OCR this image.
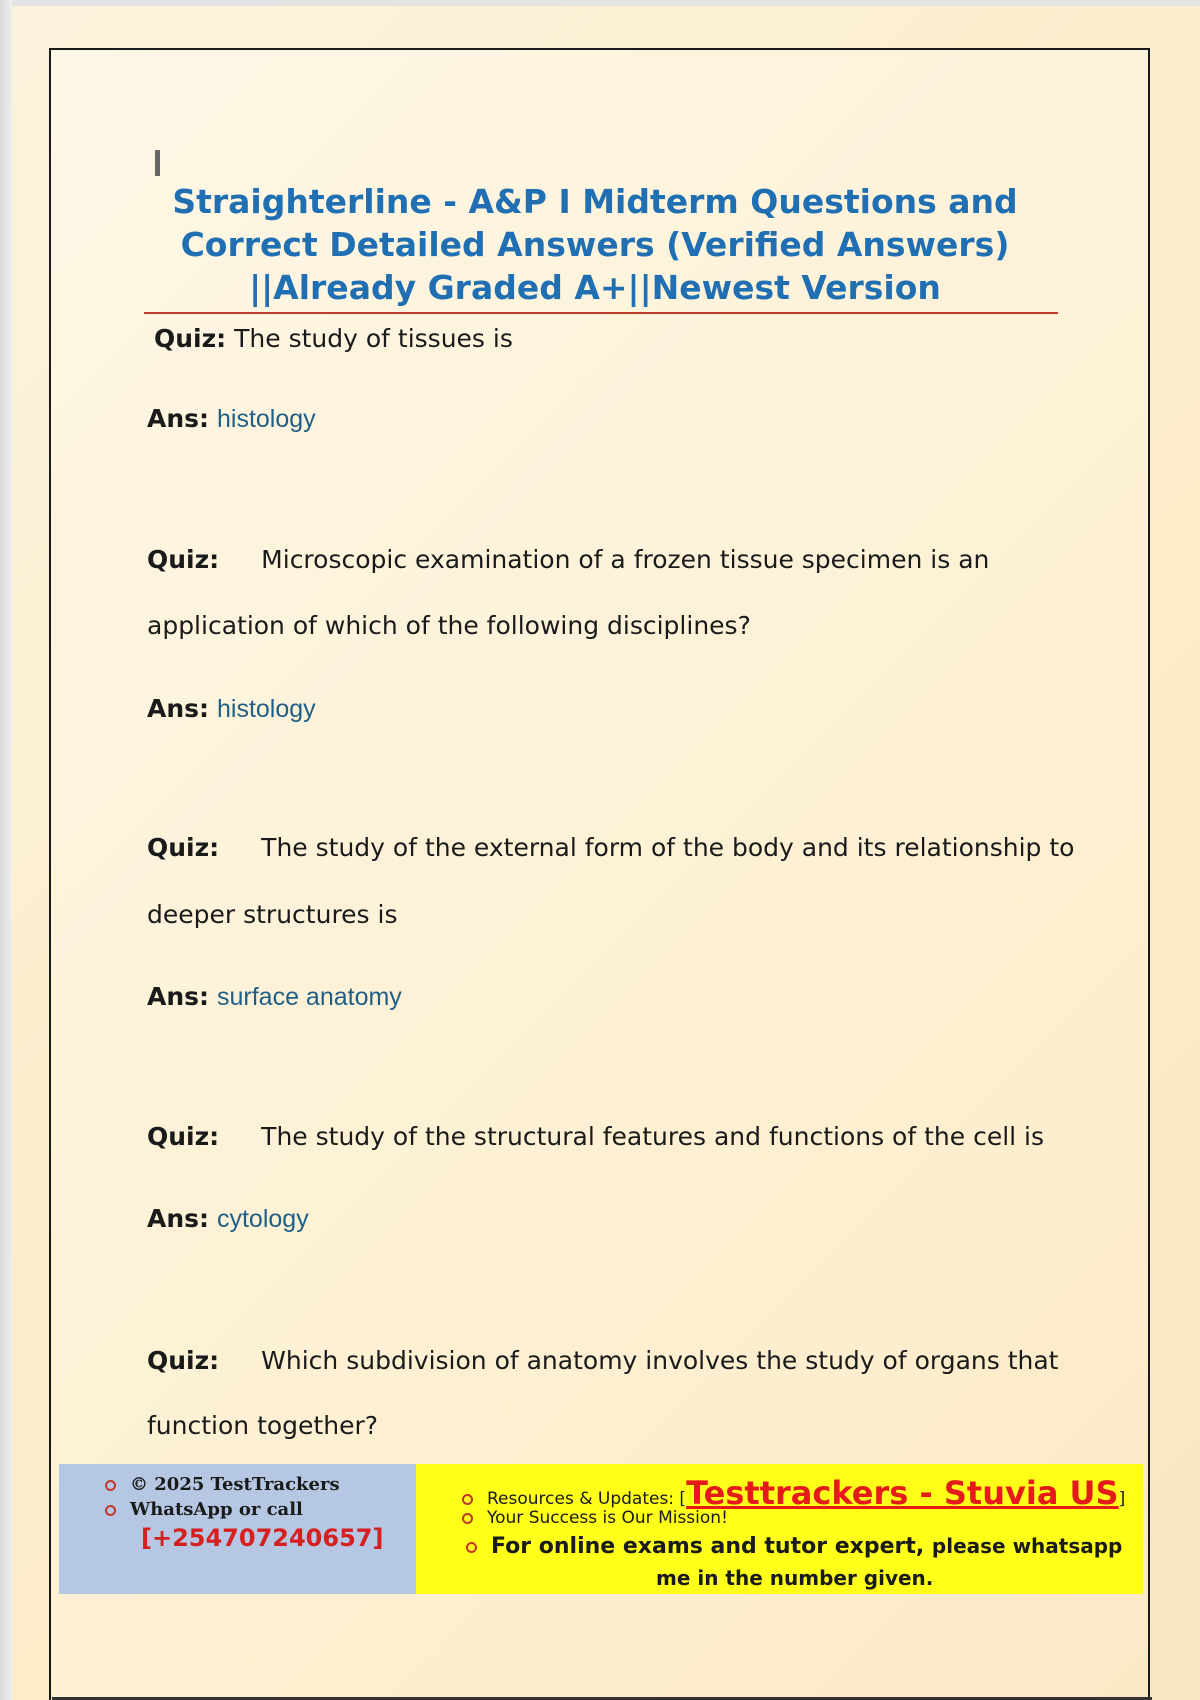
Straighterline - A&P I Midterm Questions and
Correct Detailed Answers (Verified Answers)
||Already Graded A+||Newest Version
Quiz: The study of tissues is
Ans: histology
Quiz: Microscopic examination of a frozen tissue specimen is an
application of which of the following disciplines?
Ans: histology
Quiz: The study of the external form of the body and its relationship to
deeper structures is
Ans: surface anatomy
Quiz: The study of the structural features and functions of the cell is
Ans: cytology
Quiz: Which subdivision of anatomy involves the study of organs that
function together?
© 2025 TestTrackers
WhatsApp or call
[+254707240657]
Resources & Updates: [Testtrackers - Stuvia US]
Your Success is Our Mission!
For online exams and tutor expert, please whatsapp
me in the number given.
